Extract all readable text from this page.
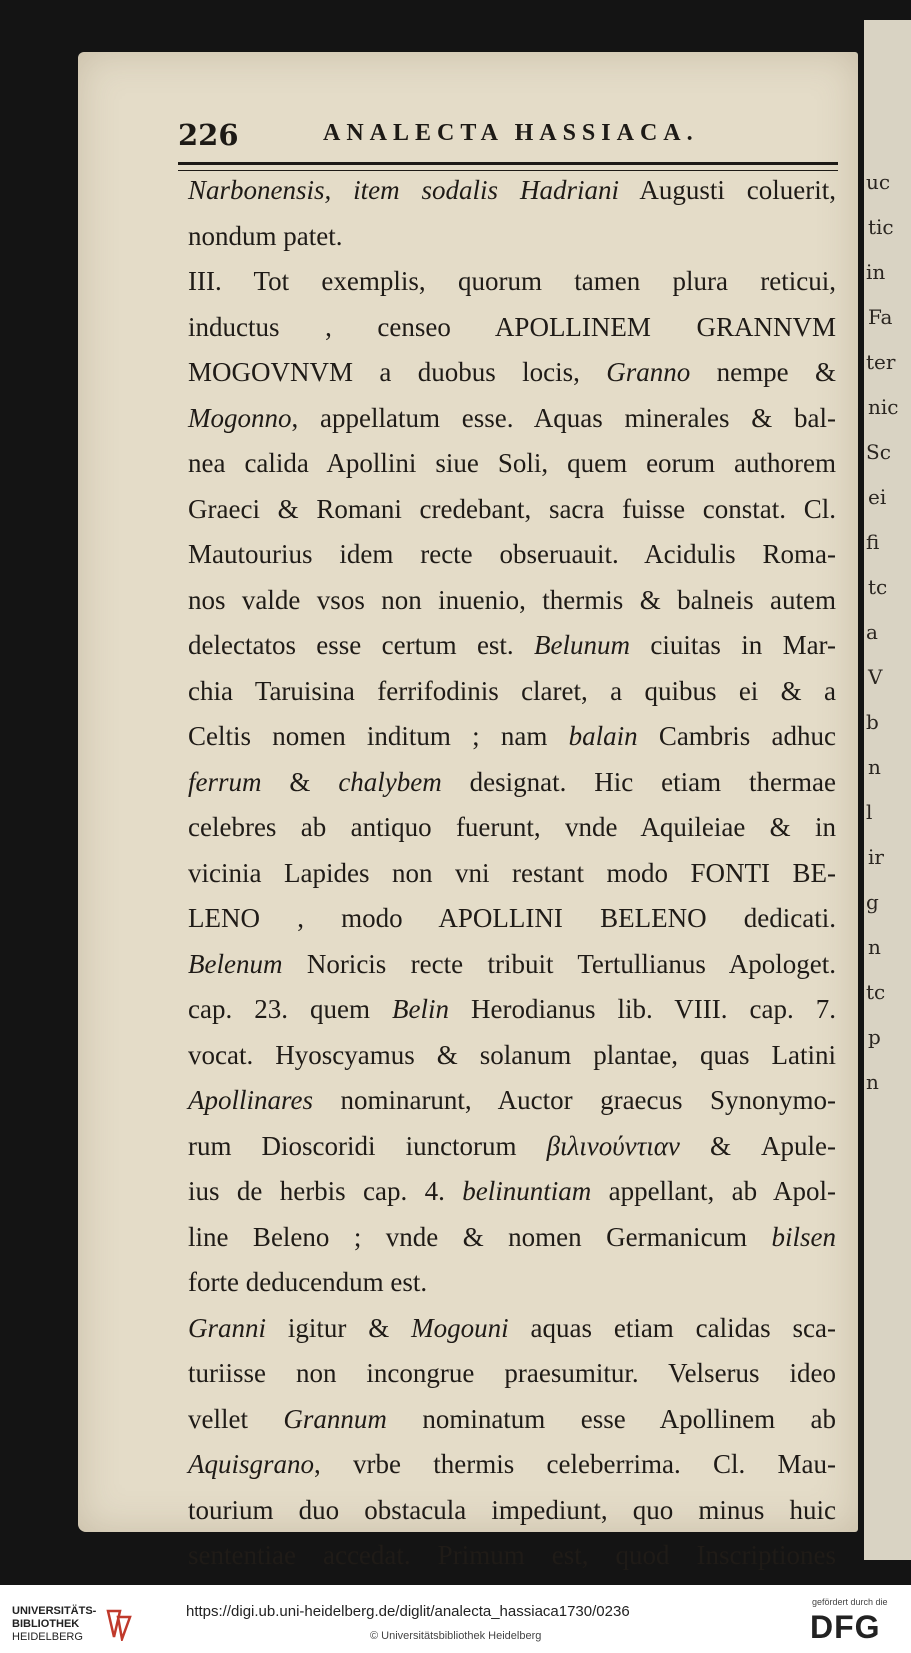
uc
tic
in
Fa
ter
nic
Sc
ei
fi
tc
a
V
b
n
l
ir
g
n
tc
p
n
226	ANALECTA HASSIACA.
Narbonensis, item sodalis Hadriani Augusti coluerit,
nondum patet.
III. Tot exemplis, quorum tamen plura reticui,
inductus , censeo APOLLINEM GRANNVM
MOGOVNVM a duobus locis, Granno nempe &
Mogonno, appellatum esse. Aquas minerales & bal-
nea calida Apollini siue Soli, quem eorum authorem
Graeci & Romani credebant, sacra fuisse constat. Cl.
Mautourius idem recte obseruauit. Acidulis Roma-
nos valde vsos non inuenio, thermis & balneis autem
delectatos esse certum est. Belunum ciuitas in Mar-
chia Taruisina ferrifodinis claret, a quibus ei & a
Celtis nomen inditum ; nam balain Cambris adhuc
ferrum & chalybem designat. Hic etiam thermae
celebres ab antiquo fuerunt, vnde Aquileiae & in
vicinia Lapides non vni restant modo FONTI BE-
LENO , modo APOLLINI BELENO dedicati.
Belenum Noricis recte tribuit Tertullianus Apologet.
cap. 23. quem Belin Herodianus lib. VIII. cap. 7.
vocat. Hyoscyamus & solanum plantae, quas Latini
Apollinares nominarunt, Auctor graecus Synonymo-
rum Dioscoridi iunctorum βιλινούντιαν & Apule-
ius de herbis cap. 4. belinuntiam appellant, ab Apol-
line Beleno ; vnde & nomen Germanicum bilsen
forte deducendum est.
Granni igitur & Mogouni aquas etiam calidas sca-
turiisse non incongrue praesumitur. Velserus ideo
vellet Grannum nominatum esse Apollinem ab
Aquisgrano, vrbe thermis celeberrima. Cl. Mau-
tourium duo obstacula impediunt, quo minus huic
sententiae accedat. Primum est, quod Inscriptiones
UNIVERSITÄTS-
BIBLIOTHEK
HEIDELBERG
https://digi.ub.uni-heidelberg.de/diglit/analecta_hassiaca1730/0236
© Universitätsbibliothek Heidelberg
gefördert durch die
DFG
